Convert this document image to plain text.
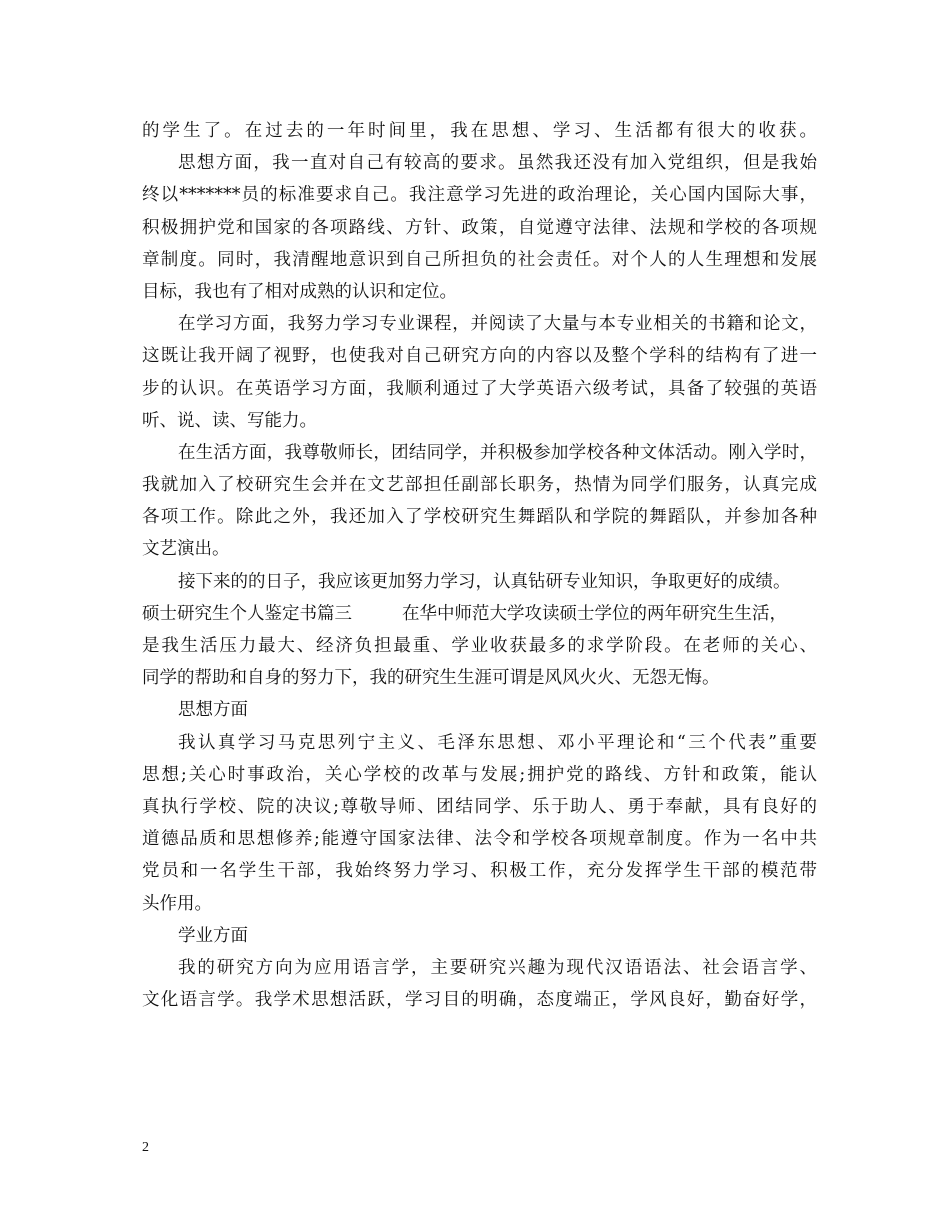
的学生了。在过去的一年时间里，我在思想、学习、生活都有很大的收获。
思想方面，我一直对自己有较高的要求。虽然我还没有加入党组织，但是我始
终以*******员的标准要求自己。我注意学习先进的政治理论，关心国内国际大事，
积极拥护党和国家的各项路线、方针、政策，自觉遵守法律、法规和学校的各项规
章制度。同时，我清醒地意识到自己所担负的社会责任。对个人的人生理想和发展
目标，我也有了相对成熟的认识和定位。
在学习方面，我努力学习专业课程，并阅读了大量与本专业相关的书籍和论文，
这既让我开阔了视野，也使我对自己研究方向的内容以及整个学科的结构有了进一
步的认识。在英语学习方面，我顺利通过了大学英语六级考试，具备了较强的英语
听、说、读、写能力。
在生活方面，我尊敬师长，团结同学，并积极参加学校各种文体活动。刚入学时，
我就加入了校研究生会并在文艺部担任副部长职务，热情为同学们服务，认真完成
各项工作。除此之外，我还加入了学校研究生舞蹈队和学院的舞蹈队，并参加各种
文艺演出。
接下来的的日子，我应该更加努力学习，认真钻研专业知识，争取更好的成绩。
硕士研究生个人鉴定书篇三	在华中师范大学攻读硕士学位的两年研究生生活，
是我生活压力最大、经济负担最重、学业收获最多的求学阶段。在老师的关心、
同学的帮助和自身的努力下，我的研究生生涯可谓是风风火火、无怨无悔。
思想方面
我认真学习马克思列宁主义、毛泽东思想、邓小平理论和“三个代表”重要
思想;关心时事政治，关心学校的改革与发展;拥护党的路线、方针和政策，能认
真执行学校、院的决议;尊敬导师、团结同学、乐于助人、勇于奉献，具有良好的
道德品质和思想修养;能遵守国家法律、法令和学校各项规章制度。作为一名中共
党员和一名学生干部，我始终努力学习、积极工作，充分发挥学生干部的模范带
头作用。
学业方面
我的研究方向为应用语言学，主要研究兴趣为现代汉语语法、社会语言学、
文化语言学。我学术思想活跃，学习目的明确，态度端正，学风良好，勤奋好学，
2
